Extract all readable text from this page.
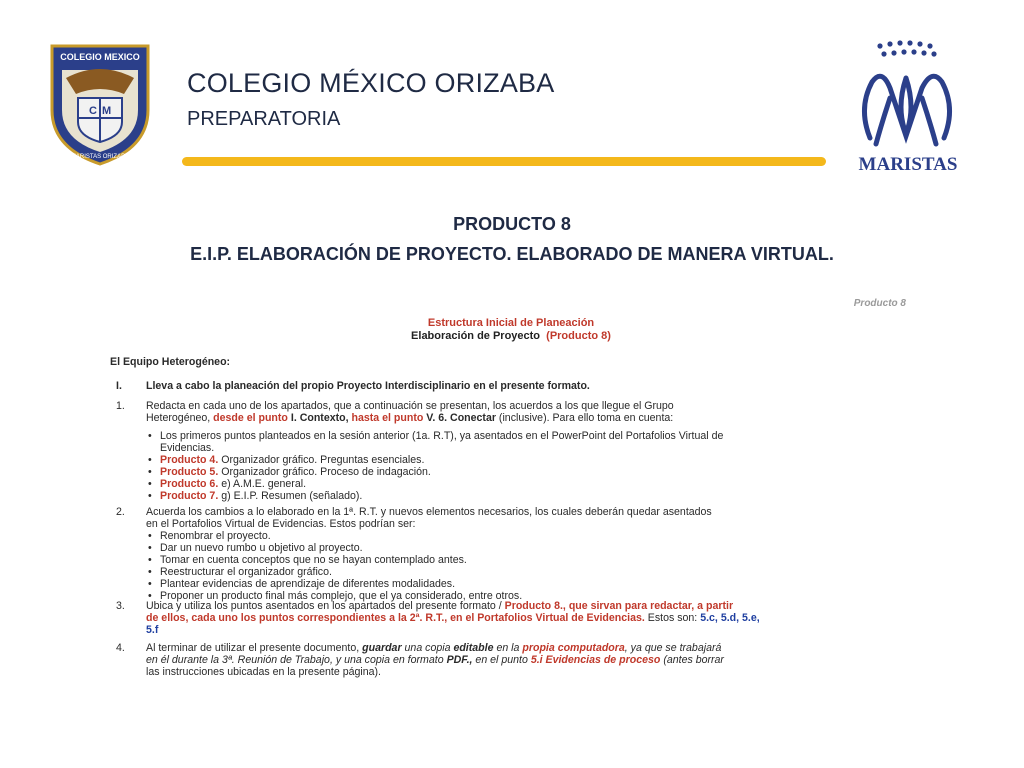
C M
COLEGIO MEXICO
MARISTAS ORIZABA
COLEGIO MÉXICO ORIZABA
PREPARATORIA
MARISTAS
PRODUCTO 8
E.I.P. ELABORACIÓN DE PROYECTO. ELABORADO DE MANERA VIRTUAL.
Producto 8
Estructura Inicial de Planeación
Elaboración de Proyecto (Producto 8)
El Equipo Heterogéneo:
I. Lleva a cabo la planeación del propio Proyecto Interdisciplinario en el presente formato.
1. Redacta en cada uno de los apartados, que a continuación se presentan, los acuerdos a los que llegue el Grupo
Heterogéneo, desde el punto I. Contexto, hasta el punto V. 6. Conectar (inclusive). Para ello toma en cuenta:
• Los primeros puntos planteados en la sesión anterior (1a. R.T), ya asentados en el PowerPoint del Portafolios Virtual de
Evidencias.
• Producto 4. Organizador gráfico. Preguntas esenciales.
• Producto 5. Organizador gráfico. Proceso de indagación.
• Producto 6. e) A.M.E. general.
• Producto 7. g) E.I.P. Resumen (señalado).
2. Acuerda los cambios a lo elaborado en la 1ª. R.T. y nuevos elementos necesarios, los cuales deberán quedar asentados
en el Portafolios Virtual de Evidencias. Estos podrían ser:
• Renombrar el proyecto.
• Dar un nuevo rumbo u objetivo al proyecto.
• Tomar en cuenta conceptos que no se hayan contemplado antes.
• Reestructurar el organizador gráfico.
• Plantear evidencias de aprendizaje de diferentes modalidades.
• Proponer un producto final más complejo, que el ya considerado, entre otros.
3. Ubica y utiliza los puntos asentados en los apartados del presente formato / Producto 8., que sirvan para redactar, a partir
de ellos, cada uno los puntos correspondientes a la 2ª. R.T., en el Portafolios Virtual de Evidencias. Estos son: 5.c, 5.d, 5.e,
5.f
4. Al terminar de utilizar el presente documento, guardar una copia editable en la propia computadora, ya que se trabajará
en él durante la 3ª. Reunión de Trabajo, y una copia en formato PDF., en el punto 5.i Evidencias de proceso (antes borrar
las instrucciones ubicadas en la presente página).
